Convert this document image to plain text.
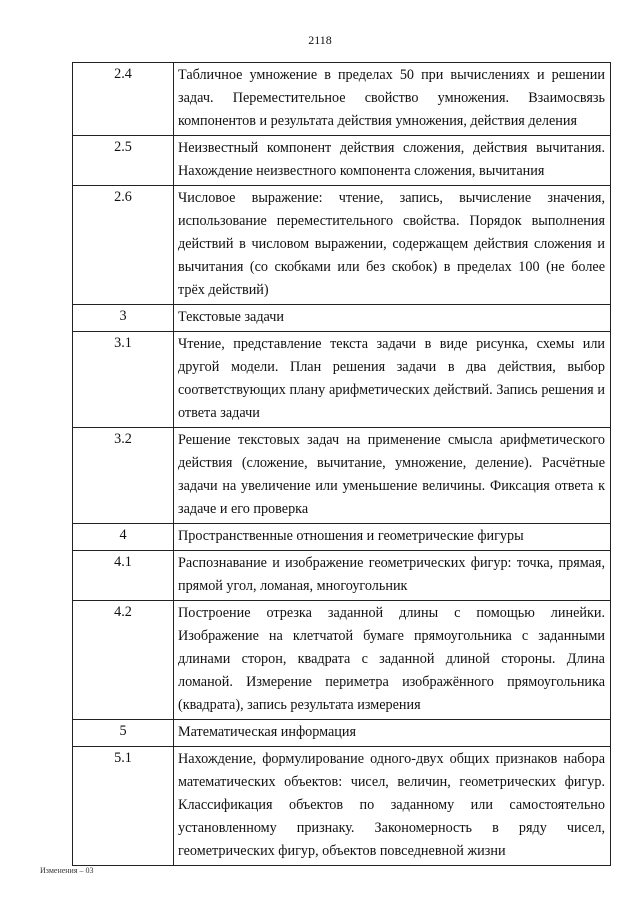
2118
2.4	Табличное умножение в пределах 50 при вычислениях и решении задач. Переместительное свойство умножения. Взаимосвязь компонентов и результата действия умножения, действия деления
2.5	Неизвестный компонент действия сложения, действия вычитания. Нахождение неизвестного компонента сложения, вычитания
2.6	Числовое выражение: чтение, запись, вычисление значения, использование переместительного свойства. Порядок выполнения действий в числовом выражении, содержащем действия сложения и вычитания (со скобками или без скобок) в пределах 100 (не более трёх действий)
3	Текстовые задачи
3.1	Чтение, представление текста задачи в виде рисунка, схемы или другой модели. План решения задачи в два действия, выбор соответствующих плану арифметических действий. Запись решения и ответа задачи
3.2	Решение текстовых задач на применение смысла арифметического действия (сложение, вычитание, умножение, деление). Расчётные задачи на увеличение или уменьшение величины. Фиксация ответа к задаче и его проверка
4	Пространственные отношения и геометрические фигуры
4.1	Распознавание и изображение геометрических фигур: точка, прямая, прямой угол, ломаная, многоугольник
4.2	Построение отрезка заданной длины с помощью линейки. Изображение на клетчатой бумаге прямоугольника с заданными длинами сторон, квадрата с заданной длиной стороны. Длина ломаной. Измерение периметра изображённого прямоугольника (квадрата), запись результата измерения
5	Математическая информация
5.1	Нахождение, формулирование одного-двух общих признаков набора математических объектов: чисел, величин, геометрических фигур. Классификация объектов по заданному или самостоятельно установленному признаку. Закономерность в ряду чисел, геометрических фигур, объектов повседневной жизни
Изменения – 03
